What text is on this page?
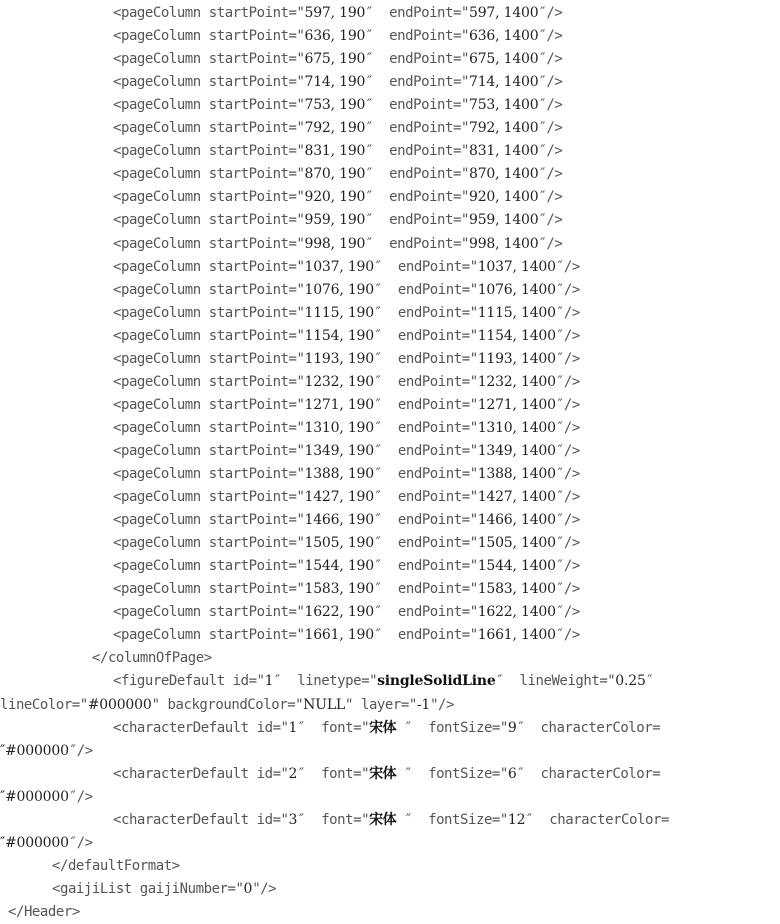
<pageColumn startPoint="597, 190″  endPoint="597, 1400″/>
<pageColumn startPoint="636, 190″  endPoint="636, 1400″/>
<pageColumn startPoint="675, 190″  endPoint="675, 1400″/>
<pageColumn startPoint="714, 190″  endPoint="714, 1400″/>
<pageColumn startPoint="753, 190″  endPoint="753, 1400″/>
<pageColumn startPoint="792, 190″  endPoint="792, 1400″/>
<pageColumn startPoint="831, 190″  endPoint="831, 1400″/>
<pageColumn startPoint="870, 190″  endPoint="870, 1400″/>
<pageColumn startPoint="920, 190″  endPoint="920, 1400″/>
<pageColumn startPoint="959, 190″  endPoint="959, 1400″/>
<pageColumn startPoint="998, 190″  endPoint="998, 1400″/>
<pageColumn startPoint="1037, 190″  endPoint="1037, 1400″/>
<pageColumn startPoint="1076, 190″  endPoint="1076, 1400″/>
<pageColumn startPoint="1115, 190″  endPoint="1115, 1400″/>
<pageColumn startPoint="1154, 190″  endPoint="1154, 1400″/>
<pageColumn startPoint="1193, 190″  endPoint="1193, 1400″/>
<pageColumn startPoint="1232, 190″  endPoint="1232, 1400″/>
<pageColumn startPoint="1271, 190″  endPoint="1271, 1400″/>
<pageColumn startPoint="1310, 190″  endPoint="1310, 1400″/>
<pageColumn startPoint="1349, 190″  endPoint="1349, 1400″/>
<pageColumn startPoint="1388, 190″  endPoint="1388, 1400″/>
<pageColumn startPoint="1427, 190″  endPoint="1427, 1400″/>
<pageColumn startPoint="1466, 190″  endPoint="1466, 1400″/>
<pageColumn startPoint="1505, 190″  endPoint="1505, 1400″/>
<pageColumn startPoint="1544, 190″  endPoint="1544, 1400″/>
<pageColumn startPoint="1583, 190″  endPoint="1583, 1400″/>
<pageColumn startPoint="1622, 190″  endPoint="1622, 1400″/>
<pageColumn startPoint="1661, 190″  endPoint="1661, 1400″/>
</columnOfPage>
<figureDefault id="1″  linetype="singleSolidLine″  lineWeight="0.25″
lineColor="#000000" backgroundColor="NULL" layer="-1"/>
<characterDefault id="1″  font="宋体 ″  fontSize="9″  characterColor=
″#000000″/>
<characterDefault id="2″  font="宋体 ″  fontSize="6″  characterColor=
″#000000″/>
<characterDefault id="3″  font="宋体 ″  fontSize="12″  characterColor=
″#000000″/>
</defaultFormat>
<gaijiList gaijiNumber="0"/>
</Header>
